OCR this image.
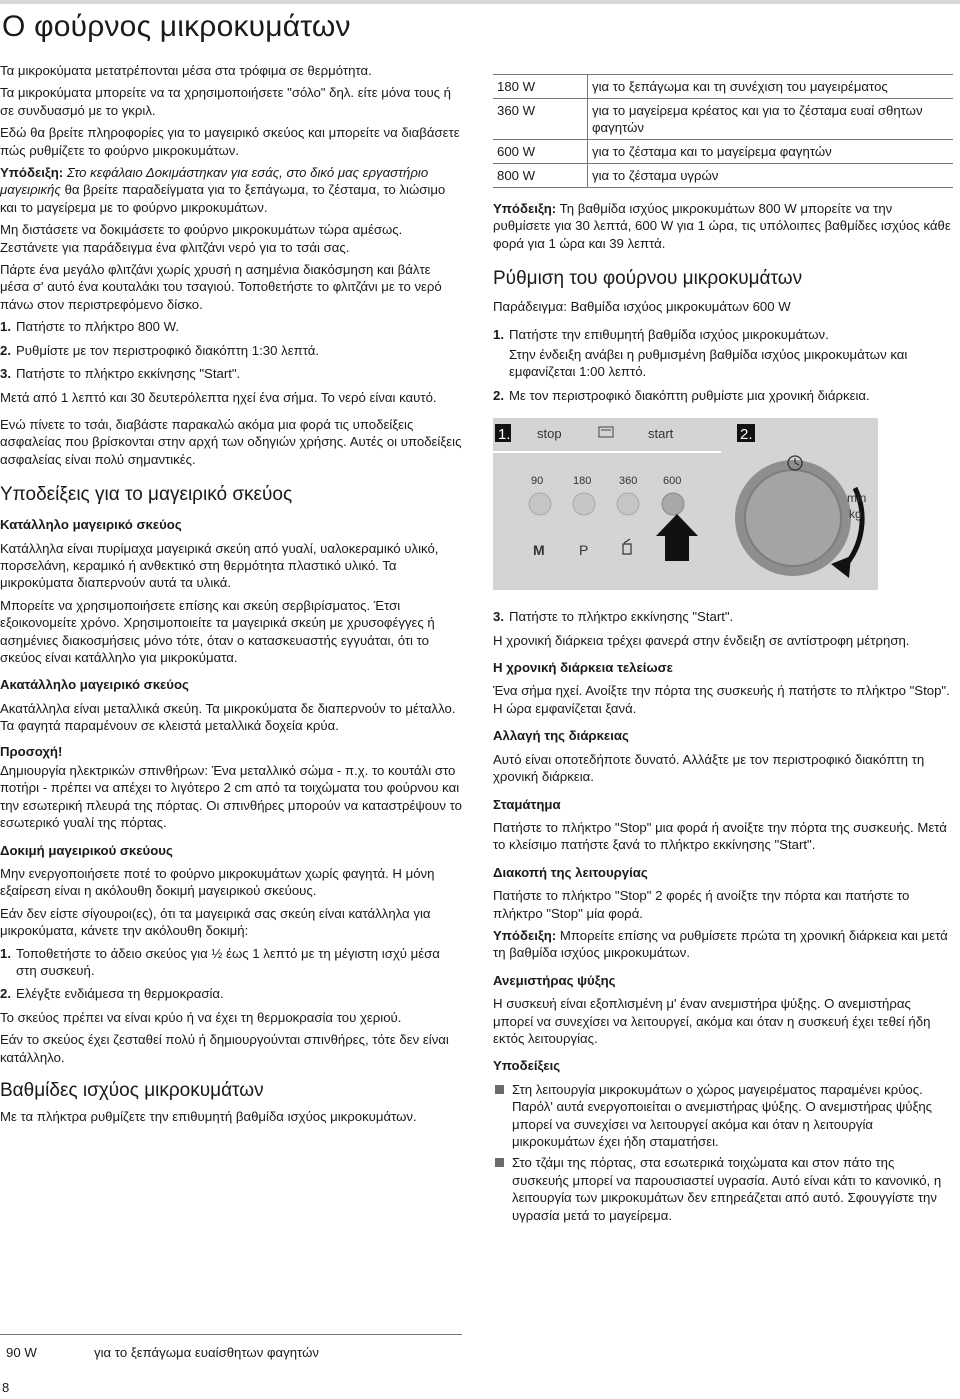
Ο φούρνος μικροκυμάτων

Τα μικροκύματα μετατρέπονται μέσα στα τρόφιμα σε θερμότητα.

Τα μικροκύματα μπορείτε να τα χρησιμοποιήσετε "σόλο" δηλ. είτε μόνα τους ή σε συνδυασμό με το γκριλ.

Εδώ θα βρείτε πληροφορίες για το μαγειρικό σκεύος και μπορείτε να διαβάσετε πώς ρυθμίζετε το φούρνο μικροκυμάτων.

Υπόδειξη: Στο κεφάλαιο Δοκιμάστηκαν για εσάς, στο δικό μας εργαστήριο μαγειρικής θα βρείτε παραδείγματα για το ξεπάγωμα, το ζέσταμα, το λιώσιμο και το μαγείρεμα με το φούρνο μικροκυμάτων.

Μη διστάσετε να δοκιμάσετε το φούρνο μικροκυμάτων τώρα αμέσως. Ζεστάνετε για παράδειγμα ένα φλιτζάνι νερό για το τσάι σας.

Πάρτε ένα μεγάλο φλιτζάνι χωρίς χρυσή η ασημένια διακόσμηση και βάλτε μέσα σ' αυτό ένα κουταλάκι του τσαγιού. Τοποθετήστε το φλιτζάνι με το νερό πάνω στον περιστρεφόμενο δίσκο.

1. Πατήστε το πλήκτρο 800 W.
2. Ρυθμίστε με τον περιστροφικό διακόπτη 1:30 λεπτά.
3. Πατήστε το πλήκτρο εκκίνησης "Start".

Μετά από 1 λεπτό και 30 δευτερόλεπτα ηχεί ένα σήμα. Το νερό είναι καυτό.

Ενώ πίνετε το τσάι, διαβάστε παρακαλώ ακόμα μια φορά τις υποδείξεις ασφαλείας που βρίσκονται στην αρχή των οδηγιών χρήσης. Αυτές οι υποδείξεις ασφαλείας είναι πολύ σημαντικές.

Υποδείξεις για το μαγειρικό σκεύος
Κατάλληλο μαγειρικό σκεύος

Κατάλληλα είναι πυρίμαχα μαγειρικά σκεύη από γυαλί, υαλοκεραμικό υλικό, πορσελάνη, κεραμικό ή ανθεκτικό στη θερμότητα πλαστικό υλικό. Τα μικροκύματα διαπερνούν αυτά τα υλικά.

Μπορείτε να χρησιμοποιήσετε επίσης και σκεύη σερβιρίσματος. Έτσι εξοικονομείτε χρόνο. Χρησιμοποιείτε τα μαγειρικά σκεύη με χρυσοφέγγες ή ασημένιες διακοσμήσεις μόνο τότε, όταν ο κατασκευαστής εγγυάται, ότι το σκεύος είναι κατάλληλο για μικροκύματα.

Ακατάλληλο μαγειρικό σκεύος

Ακατάλληλα είναι μεταλλικά σκεύη. Τα μικροκύματα δε διαπερνούν το μέταλλο. Τα φαγητά παραμένουν σε κλειστά μεταλλικά δοχεία κρύα.

Προσοχή!

Δημιουργία ηλεκτρικών σπινθήρων: Ένα μεταλλικό σώμα - π.χ. το κουτάλι στο ποτήρι - πρέπει να απέχει το λιγότερο 2 cm από τα τοιχώματα του φούρνου και την εσωτερική πλευρά της πόρτας. Οι σπινθήρες μπορούν να καταστρέψουν το εσωτερικό γυαλί της πόρτας.

Δοκιμή μαγειρικού σκεύους

Μην ενεργοποιήσετε ποτέ το φούρνο μικροκυμάτων χωρίς φαγητά. Η μόνη εξαίρεση είναι η ακόλουθη δοκιμή μαγειρικού σκεύους.

Εάν δεν είστε σίγουροι(ες), ότι τα μαγειρικά σας σκεύη είναι κατάλληλα για μικροκύματα, κάνετε την ακόλουθη δοκιμή:

1. Τοποθετήστε το άδειο σκεύος για ½ έως 1 λεπτό με τη μέγιστη ισχύ μέσα στη συσκευή.
2. Ελέγξτε ενδιάμεσα τη θερμοκρασία.

Το σκεύος πρέπει να είναι κρύο ή να έχει τη θερμοκρασία του χεριού.

Εάν το σκεύος έχει ζεσταθεί πολύ ή δημιουργούνται σπινθήρες, τότε δεν είναι κατάλληλο.

Βαθμίδες ισχύος μικροκυμάτων

Με τα πλήκτρα ρυθμίζετε την επιθυμητή βαθμίδα ισχύος μικροκυμάτων.

90 W	για το ξεπάγωμα ευαίσθητων φαγητών
8
180 W	για το ξεπάγωμα και τη συνέχιση του μαγειρέματος
360 W	για το μαγείρεμα κρέατος και για το ζέσταμα ευαί σθητων φαγητών
600 W	για το ζέσταμα και το μαγείρεμα φαγητών
800 W	για το ζέσταμα υγρών

Υπόδειξη: Τη βαθμίδα ισχύος μικροκυμάτων 800 W μπορείτε να την ρυθμίσετε για 30 λεπτά, 600 W για 1 ώρα, τις υπόλοιπες βαθμίδες ισχύος κάθε φορά για 1 ώρα και 39 λεπτά.

Ρύθμιση του φούρνου μικροκυμάτων

Παράδειγμα: Βαθμίδα ισχύος μικροκυμάτων 600 W

1. Πατήστε την επιθυμητή βαθμίδα ισχύος μικροκυμάτων.

Στην ένδειξη ανάβει η ρυθμισμένη βαθμίδα ισχύος μικροκυμάτων και εμφανίζεται 1:00 λεπτό.

2. Με τον περιστροφικό διακόπτη ρυθμίστε μια χρονική διάρκεια.
1.	2.
stop	start
90	180	360 600
M P
min
kg
3. Πατήστε το πλήκτρο εκκίνησης "Start".

Η χρονική διάρκεια τρέχει φανερά στην ένδειξη σε αντίστροφη μέτρηση.

Η χρονική διάρκεια τελείωσε

Ένα σήμα ηχεί. Ανοίξτε την πόρτα της συσκευής ή πατήστε το πλήκτρο "Stop". Η ώρα εμφανίζεται ξανά.

Αλλαγή της διάρκειας

Αυτό είναι οποτεδήποτε δυνατό. Αλλάξτε με τον περιστροφικό διακόπτη τη χρονική διάρκεια.

Σταμάτημα

Πατήστε το πλήκτρο "Stop" μια φορά ή ανοίξτε την πόρτα της συσκευής. Μετά το κλείσιμο πατήστε ξανά το πλήκτρο εκκίνησης "Start".

Διακοπή της λειτουργίας

Πατήστε το πλήκτρο "Stop" 2 φορές ή ανοίξτε την πόρτα και πατήστε το πλήκτρο "Stop" μία φορά.

Υπόδειξη: Μπορείτε επίσης να ρυθμίσετε πρώτα τη χρονική διάρκεια και μετά τη βαθμίδα ισχύος μικροκυμάτων.

Ανεμιστήρας ψύξης

Η συσκευή είναι εξοπλισμένη μ' έναν ανεμιστήρα ψύξης. Ο ανεμιστήρας μπορεί να συνεχίσει να λειτουργεί, ακόμα και όταν η συσκευή έχει τεθεί ήδη εκτός λειτουργίας.

Υποδείξεις
Στη λειτουργία μικροκυμάτων ο χώρος μαγειρέματος παραμένει κρύος. Παρόλ' αυτά ενεργοποιείται ο ανεμιστήρας ψύξης. Ο ανεμιστήρας ψύξης μπορεί να συνεχίσει να λειτουργεί ακόμα και όταν η λειτουργία μικροκυμάτων έχει ήδη σταματήσει.
Στο τζάμι της πόρτας, στα εσωτερικά τοιχώματα και στον πάτο της συσκευής μπορεί να παρουσιαστεί υγρασία. Αυτό είναι κάτι το κανονικό, η λειτουργία των μικροκυμάτων δεν επηρεάζεται από αυτό. Σφουγγίστε την υγρασία μετά το μαγείρεμα.
